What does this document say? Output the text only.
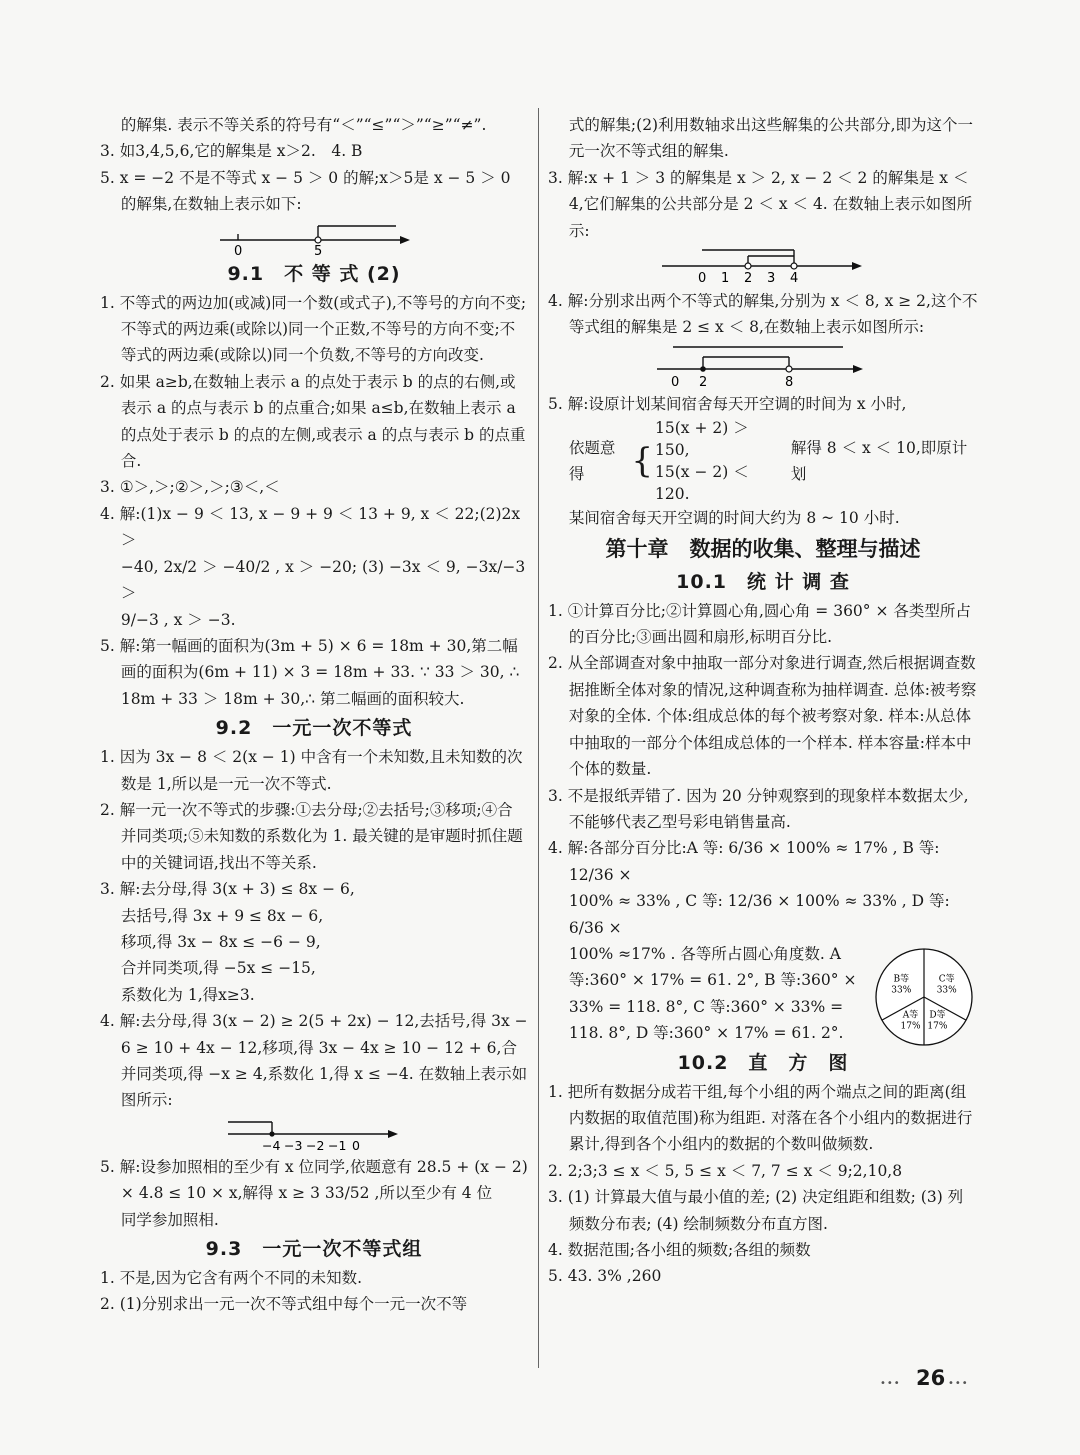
的解集. 表示不等关系的符号有“＜”“≤”“＞”“≥”“≠”.

3. 如3,4,5,6,它的解集是 x＞2.　4. B

5. x = −2 不是不等式 x − 5 ＞ 0 的解;x＞5是 x − 5 ＞ 0 的解集,在数轴上表示如下:

0	5

9.1　不 等 式 (2)

1. 不等式的两边加(或减)同一个数(或式子),不等号的方向不变;不等式的两边乘(或除以)同一个正数,不等号的方向不变;不等式的两边乘(或除以)同一个负数,不等号的方向改变.

2. 如果 a≥b,在数轴上表示 a 的点处于表示 b 的点的右侧,或表示 a 的点与表示 b 的点重合;如果 a≤b,在数轴上表示 a 的点处于表示 b 的点的左侧,或表示 a 的点与表示 b 的点重合.

3. ①＞,＞;②＞,＞;③＜,＜

4. 解:(1)x − 9 ＜ 13, x − 9 + 9 ＜ 13 + 9, x ＜ 22;(2)2x ＞

−40, 2x/2 ＞ −40/2 , x ＞ −20; (3) −3x ＜ 9, −3x/−3 ＞

9/−3 , x ＞ −3.

5. 解:第一幅画的面积为(3m + 5) × 6 = 18m + 30,第二幅画的面积为(6m + 11) × 3 = 18m + 33. ∵ 33 ＞ 30, ∴ 18m + 33 ＞ 18m + 30,∴ 第二幅画的面积较大.

9.2　一元一次不等式

1. 因为 3x − 8 ＜ 2(x − 1) 中含有一个未知数,且未知数的次数是 1,所以是一元一次不等式.

2. 解一元一次不等式的步骤:①去分母;②去括号;③移项;④合并同类项;⑤未知数的系数化为 1. 最关键的是审题时抓住题中的关键词语,找出不等关系.

3. 解:去分母,得 3(x + 3) ≤ 8x − 6,

去括号,得 3x + 9 ≤ 8x − 6,

移项,得 3x − 8x ≤ −6 − 9,

合并同类项,得 −5x ≤ −15,

系数化为 1,得x≥3.

4. 解:去分母,得 3(x − 2) ≥ 2(5 + 2x) − 12,去括号,得 3x − 6 ≥ 10 + 4x − 12,移项,得 3x − 4x ≥ 10 − 12 + 6,合并同类项,得 −x ≥ 4,系数化 1,得 x ≤ −4. 在数轴上表示如图所示:

−4 −3 −2 −1 0

5. 解:设参加照相的至少有 x 位同学,依题意有 28.5 + (x − 2) × 4.8 ≤ 10 × x,解得 x ≥ 3 33/52 ,所以至少有 4 位

同学参加照相.

9.3　一元一次不等式组

1. 不是,因为它含有两个不同的未知数.

2. (1)分别求出一元一次不等式组中每个一元一次不等

式的解集;(2)利用数轴求出这些解集的公共部分,即为这个一元一次不等式组的解集.

3. 解:x + 1 ＞ 3 的解集是 x ＞ 2, x − 2 ＜ 2 的解集是 x ＜ 4,它们解集的公共部分是 2 ＜ x ＜ 4. 在数轴上表示如图所示:

0 1 2 3 4

4. 解:分别求出两个不等式的解集,分别为 x ＜ 8, x ≥ 2,这个不等式组的解集是 2 ≤ x ＜ 8,在数轴上表示如图所示:

0 2	8

5. 解:设原计划某间宿舍每天开空调的时间为 x 小时,

依题意得	{
15(x + 2) ＞ 150,
15(x − 2) ＜ 120.
解得 8 ＜ x ＜ 10,即原计划

某间宿舍每天开空调的时间大约为 8 ~ 10 小时.

第十章　数据的收集、整理与描述

10.1　统 计 调 查

1. ①计算百分比;②计算圆心角,圆心角 = 360° × 各类型所占的百分比;③画出圆和扇形,标明百分比.

2. 从全部调查对象中抽取一部分对象进行调查,然后根据调查数据推断全体对象的情况,这种调查称为抽样调查. 总体:被考察对象的全体. 个体:组成总体的每个被考察对象. 样本:从总体中抽取的一部分个体组成总体的一个样本. 样本容量:样本中个体的数量.

3. 不是报纸弄错了. 因为 20 分钟观察到的现象样本数据太少,不能够代表乙型号彩电销售量高.

4. 解:各部分百分比:A 等: 6/36 × 100% ≈ 17% , B 等: 12/36 ×

100% ≈ 33% , C 等: 12/36 × 100% ≈ 33% , D 等: 6/36 ×

100% ≈17% . 各等所占圆心角度数. A 等:360° × 17% = 61. 2°, B 等:360° × 33% = 118. 8°, C 等:360° × 33% = 118. 8°, D 等:360° × 17% = 61. 2°.

C等
33%
D等
17%
A等
17%
B等
33%

10.2　直　方　图

1. 把所有数据分成若干组,每个小组的两个端点之间的距离(组内数据的取值范围)称为组距. 对落在各个小组内的数据进行累计,得到各个小组内的数据的个数叫做频数.

2. 2;3;3 ≤ x ＜ 5, 5 ≤ x ＜ 7, 7 ≤ x ＜ 9;2,10,8

3. (1) 计算最大值与最小值的差; (2) 决定组距和组数; (3) 列频数分布表; (4) 绘制频数分布直方图.

4. 数据范围;各小组的频数;各组的频数

5. 43. 3% ,260

••• 26 •••
